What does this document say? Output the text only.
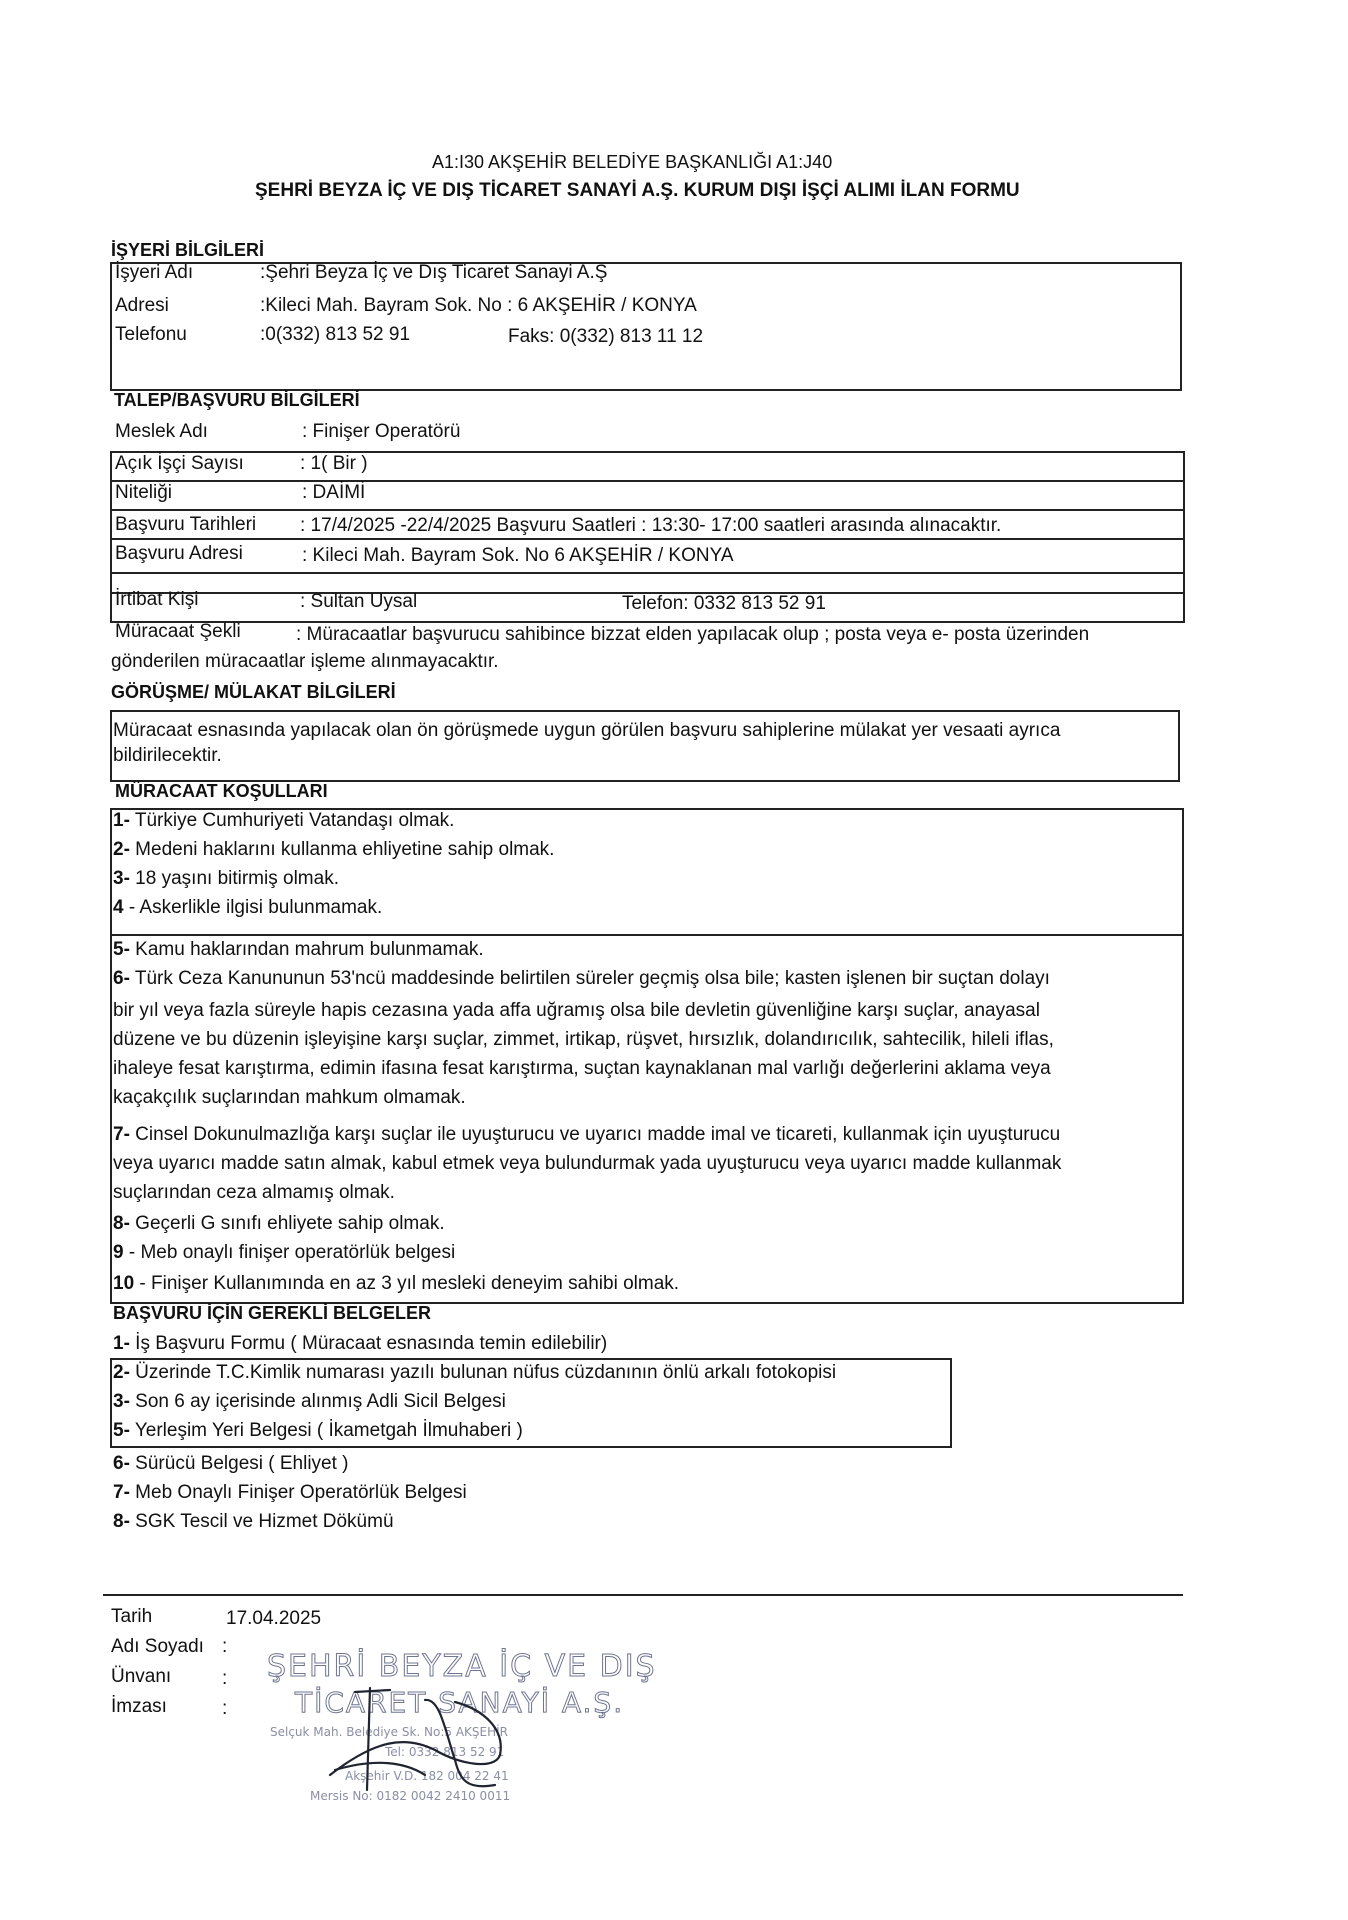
A1:I30 AKŞEHİR BELEDİYE BAŞKANLIĞI A1:J40
ŞEHRİ BEYZA İÇ VE DIŞ TİCARET SANAYİ A.Ş. KURUM DIŞI İŞÇİ ALIMI İLAN FORMU
İŞYERİ BİLGİLERİ
İşyeri Adı	:Şehri Beyza İç ve Dış Ticaret Sanayi A.Ş
Adresi	:Kileci Mah. Bayram Sok. No : 6 AKŞEHİR / KONYA
Telefonu	:0(332) 813 52 91	Faks: 0(332) 813 11 12
TALEP/BAŞVURU BİLGİLERİ
Meslek Adı	: Finişer Operatörü
Açık İşçi Sayısı	: 1( Bir )
Niteliği	: DAİMİ
Başvuru Tarihleri : 17/4/2025 -22/4/2025 Başvuru Saatleri : 13:30- 17:00 saatleri arasında alınacaktır.
Başvuru Adresi	: Kileci Mah. Bayram Sok. No 6 AKŞEHİR / KONYA
İrtibat Kişi	: Sultan Uysal	Telefon: 0332 813 52 91
Müracaat Şekli	: Müracaatlar başvurucu sahibince bizzat elden yapılacak olup ; posta veya e- posta üzerinden
gönderilen müracaatlar işleme alınmayacaktır.
GÖRÜŞME/ MÜLAKAT BİLGİLERİ
Müracaat esnasında yapılacak olan ön görüşmede uygun görülen başvuru sahiplerine mülakat yer vesaati ayrıca
bildirilecektir.
MÜRACAAT KOŞULLARI
1- Türkiye Cumhuriyeti Vatandaşı olmak.
2- Medeni haklarını kullanma ehliyetine sahip olmak.
3- 18 yaşını bitirmiş olmak.
4 - Askerlikle ilgisi bulunmamak.
5- Kamu haklarından mahrum bulunmamak.
6- Türk Ceza Kanununun 53'ncü maddesinde belirtilen süreler geçmiş olsa bile; kasten işlenen bir suçtan dolayı
bir yıl veya fazla süreyle hapis cezasına yada affa uğramış olsa bile devletin güvenliğine karşı suçlar, anayasal
düzene ve bu düzenin işleyişine karşı suçlar, zimmet, irtikap, rüşvet, hırsızlık, dolandırıcılık, sahtecilik, hileli iflas,
ihaleye fesat karıştırma, edimin ifasına fesat karıştırma, suçtan kaynaklanan mal varlığı değerlerini aklama veya
kaçakçılık suçlarından mahkum olmamak.
7- Cinsel Dokunulmazlığa karşı suçlar ile uyuşturucu ve uyarıcı madde imal ve ticareti, kullanmak için uyuşturucu
veya uyarıcı madde satın almak, kabul etmek veya bulundurmak yada uyuşturucu veya uyarıcı madde kullanmak
suçlarından ceza almamış olmak.
8- Geçerli G sınıfı ehliyete sahip olmak.
9 - Meb onaylı finişer operatörlük belgesi
10 - Finişer Kullanımında en az 3 yıl mesleki deneyim sahibi olmak.
BAŞVURU İÇİN GEREKLİ BELGELER
1- İş Başvuru Formu ( Müracaat esnasında temin edilebilir)
2- Üzerinde T.C.Kimlik numarası yazılı bulunan nüfus cüzdanının önlü arkalı fotokopisi
3- Son 6 ay içerisinde alınmış Adli Sicil Belgesi
5- Yerleşim Yeri Belgesi ( İkametgah İlmuhaberi )
6- Sürücü Belgesi ( Ehliyet )
7- Meb Onaylı Finişer Operatörlük Belgesi
8- SGK Tescil ve Hizmet Dökümü
Tarih	17.04.2025
Adı Soyadı :
Ünvanı	:
İmzası	:
ŞEHRİ BEYZA İÇ VE DIŞ
TİCARET SANAYİ A.Ş.
Selçuk Mah. Belediye Sk. No:5 AKŞEHİR
Tel: 0332 813 52 91
Akşehir V.D. 182 004 22 41
Mersis No: 0182 0042 2410 0011
